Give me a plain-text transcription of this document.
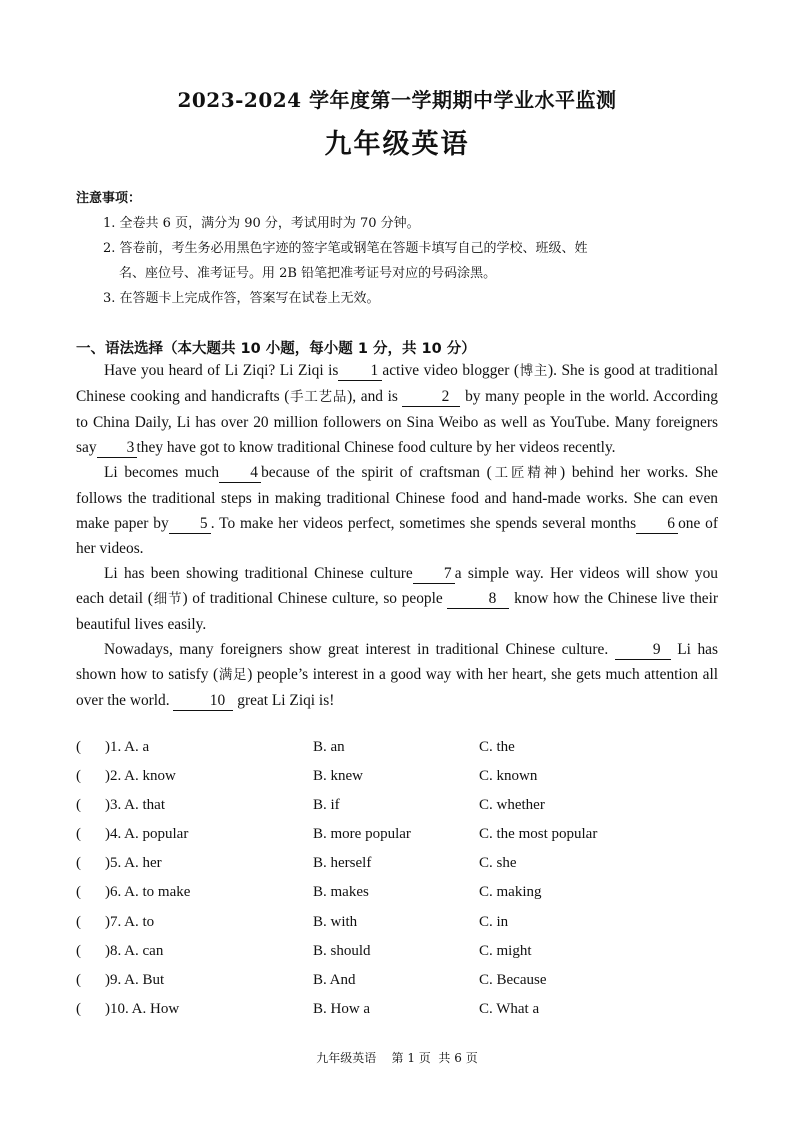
2023-2024 学年度第一学期期中学业水平监测
九年级英语
注意事项：
1. 全卷共 6 页，满分为 90 分，考试用时为 70 分钟。
2. 答卷前，考生务必用黑色字迹的签字笔或钢笔在答题卡填写自己的学校、班级、姓
名、座位号、准考证号。用 2B 铅笔把准考证号对应的号码涂黑。
3. 在答题卡上完成作答，答案写在试卷上无效。
一、语法选择（本大题共 10 小题，每小题 1 分，共 10 分）

Have you heard of Li Ziqi? Li Ziqi is 1 active video blogger (博主). She is good at traditional Chinese cooking and handicrafts (手工艺品), and is	2 by many people in the world. According to China Daily, Li has over 20 million followers on Sina Weibo as well as YouTube. Many foreigners say 3 they have got to know traditional Chinese food culture by her videos recently.

Li becomes much 4 because of the spirit of craftsman (工匠精神) behind her works. She follows the traditional steps in making traditional Chinese food and hand-made works. She can even make paper by 5 . To make her videos perfect, sometimes she spends several months 6 one of her videos.

Li has been showing traditional Chinese culture 7 a simple way. Her videos will show you each detail (细节) of traditional Chinese culture, so people	8 know how the Chinese live their beautiful lives easily.

Nowadays, many foreigners show great interest in traditional Chinese culture. 9 Li has shown how to satisfy (满足) people’s interest in a good way with her heart, she gets much attention all over the world. 10 great Li Ziqi is!

( )1. A. a	B. an	C. the
( )2. A. know	B. knew	C. known
( )3. A. that	B. if	C. whether
( )4. A. popular	B. more popular	C. the most popular
( )5. A. her	B. herself	C. she
( )6. A. to make	B. makes	C. making
( )7. A. to	B. with	C. in
( )8. A. can	B. should	C. might
( )9. A. But	B. And	C. Because
( )10. A. How	B. How a	C. What a
九年级英语    第 1 页  共 6 页
